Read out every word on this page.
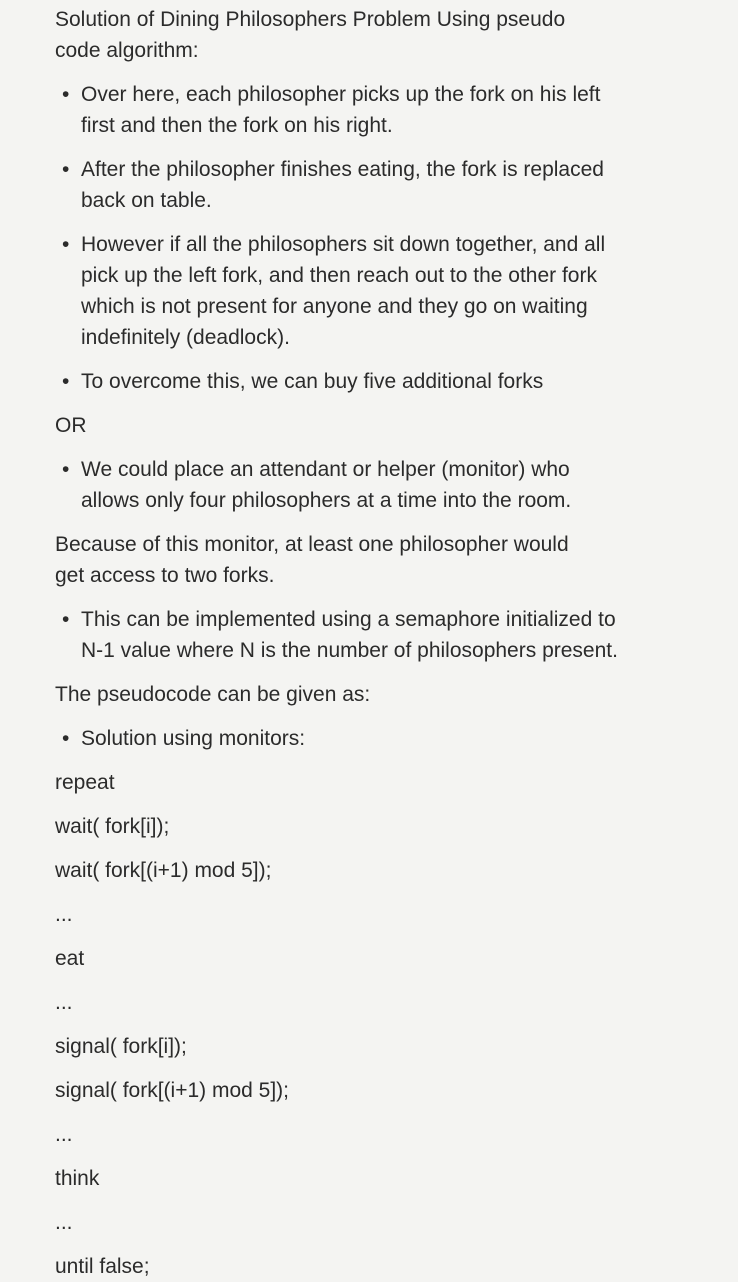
Solution of Dining Philosophers Problem Using pseudo
code algorithm:

• Over here, each philosopher picks up the fork on his left
first and then the fork on his right.
• After the philosopher finishes eating, the fork is replaced
back on table.
• However if all the philosophers sit down together, and all
pick up the left fork, and then reach out to the other fork
which is not present for anyone and they go on waiting
indefinitely (deadlock).
• To overcome this, we can buy five additional forks

OR

• We could place an attendant or helper (monitor) who
allows only four philosophers at a time into the room.

Because of this monitor, at least one philosopher would
get access to two forks.

• This can be implemented using a semaphore initialized to
N-1 value where N is the number of philosophers present.

The pseudocode can be given as:

• Solution using monitors:

repeat

wait( fork[i]);

wait( fork[(i+1) mod 5]);

...

eat

...

signal( fork[i]);

signal( fork[(i+1) mod 5]);

...

think

...

until false;
